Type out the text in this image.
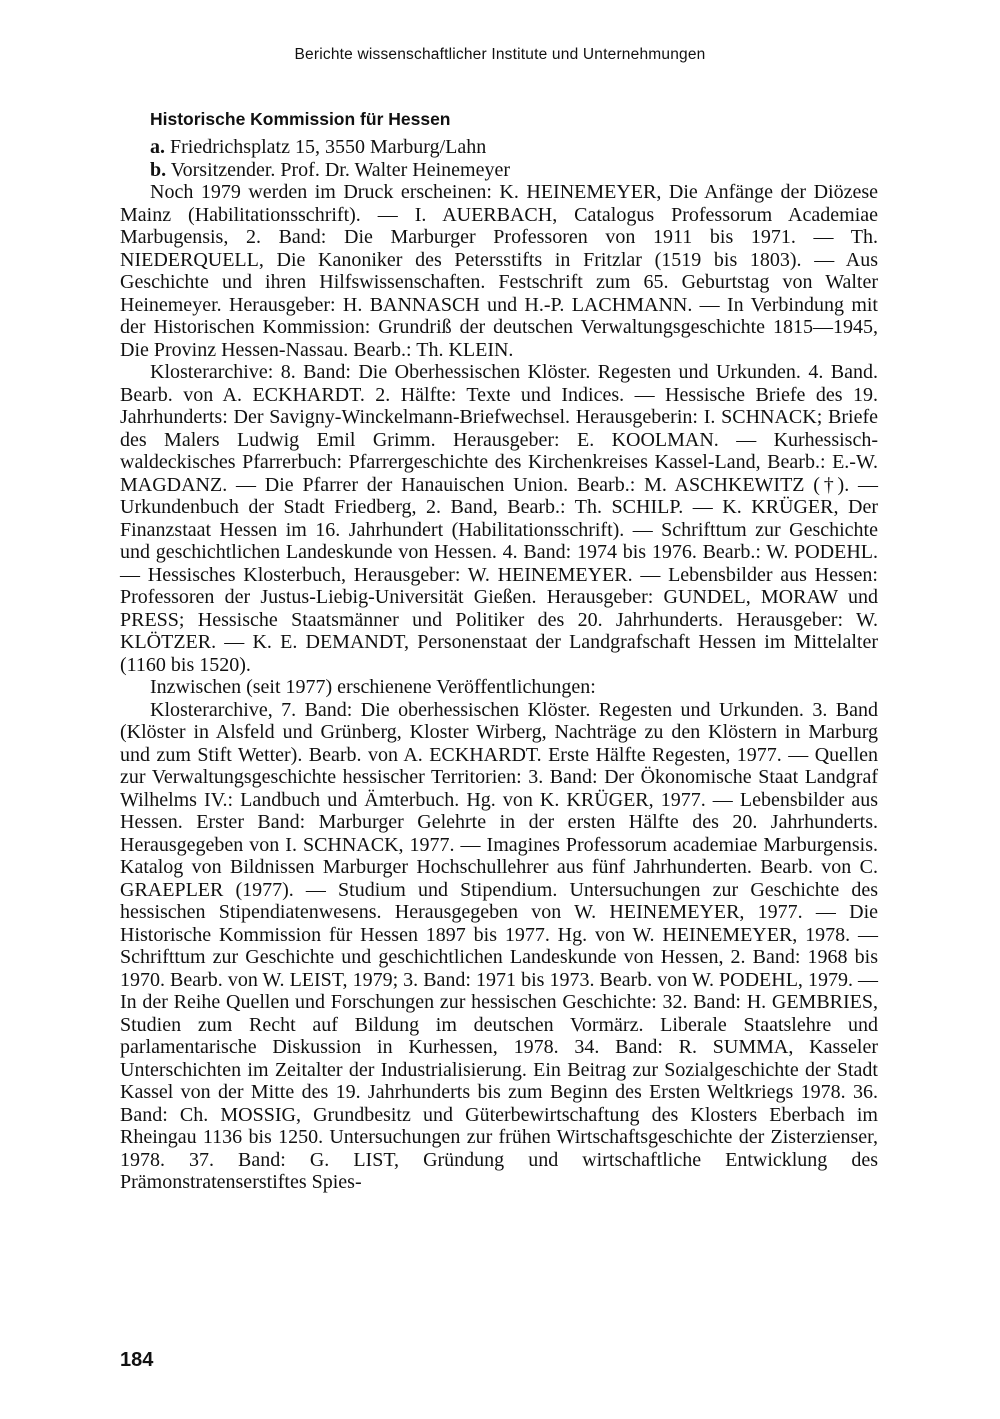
Berichte wissenschaftlicher Institute und Unternehmungen
Historische Kommission für Hessen
a. Friedrichsplatz 15, 3550 Marburg/Lahn
b. Vorsitzender. Prof. Dr. Walter Heinemeyer

Noch 1979 werden im Druck erscheinen: K. HEINEMEYER, Die Anfänge der Diözese Mainz (Habilitationsschrift). — I. AUERBACH, Catalogus Professorum Academiae Marbugensis, 2. Band: Die Marburger Professoren von 1911 bis 1971. — Th. NIEDERQUELL, Die Kanoniker des Petersstifts in Fritzlar (1519 bis 1803). — Aus Geschichte und ihren Hilfswissenschaften. Festschrift zum 65. Geburtstag von Walter Heinemeyer. Herausgeber: H. BANNASCH und H.-P. LACHMANN. — In Verbindung mit der Historischen Kommission: Grundriß der deutschen Verwaltungsgeschichte 1815—1945, Die Provinz Hessen-Nassau. Bearb.: Th. KLEIN.

Klosterarchive: 8. Band: Die Oberhessischen Klöster. Regesten und Urkunden. 4. Band. Bearb. von A. ECKHARDT. 2. Hälfte: Texte und Indices. — Hessische Briefe des 19. Jahrhunderts: Der Savigny-Winckelmann-Briefwechsel. Herausgeberin: I. SCHNACK; Briefe des Malers Ludwig Emil Grimm. Herausgeber: E. KOOLMAN. — Kurhessisch-waldeckisches Pfarrerbuch: Pfarrergeschichte des Kirchenkreises Kassel-Land, Bearb.: E.-W. MAGDANZ. — Die Pfarrer der Hanauischen Union. Bearb.: M. ASCHKEWITZ (†). — Urkundenbuch der Stadt Friedberg, 2. Band, Bearb.: Th. SCHILP. — K. KRÜGER, Der Finanzstaat Hessen im 16. Jahrhundert (Habilitationsschrift). — Schrifttum zur Geschichte und geschichtlichen Landeskunde von Hessen. 4. Band: 1974 bis 1976. Bearb.: W. PODEHL. — Hessisches Klosterbuch, Herausgeber: W. HEINEMEYER. — Lebensbilder aus Hessen: Professoren der Justus-Liebig-Universität Gießen. Herausgeber: GUNDEL, MORAW und PRESS; Hessische Staatsmänner und Politiker des 20. Jahrhunderts. Herausgeber: W. KLÖTZER. — K. E. DEMANDT, Personenstaat der Landgrafschaft Hessen im Mittelalter (1160 bis 1520).

Inzwischen (seit 1977) erschienene Veröffentlichungen:

Klosterarchive, 7. Band: Die oberhessischen Klöster. Regesten und Urkunden. 3. Band (Klöster in Alsfeld und Grünberg, Kloster Wirberg, Nachträge zu den Klöstern in Marburg und zum Stift Wetter). Bearb. von A. ECKHARDT. Erste Hälfte Regesten, 1977. — Quellen zur Verwaltungsgeschichte hessischer Territorien: 3. Band: Der Ökonomische Staat Landgraf Wilhelms IV.: Landbuch und Ämterbuch. Hg. von K. KRÜGER, 1977. — Lebensbilder aus Hessen. Erster Band: Marburger Gelehrte in der ersten Hälfte des 20. Jahrhunderts. Herausgegeben von I. SCHNACK, 1977. — Imagines Professorum academiae Marburgensis. Katalog von Bildnissen Marburger Hochschullehrer aus fünf Jahrhunderten. Bearb. von C. GRAEPLER (1977). — Studium und Stipendium. Untersuchungen zur Geschichte des hessischen Stipendiatenwesens. Herausgegeben von W. HEINEMEYER, 1977. — Die Historische Kommission für Hessen 1897 bis 1977. Hg. von W. HEINEMEYER, 1978. — Schrifttum zur Geschichte und geschichtlichen Landeskunde von Hessen, 2. Band: 1968 bis 1970. Bearb. von W. LEIST, 1979; 3. Band: 1971 bis 1973. Bearb. von W. PODEHL, 1979. — In der Reihe Quellen und Forschungen zur hessischen Geschichte: 32. Band: H. GEMBRIES, Studien zum Recht auf Bildung im deutschen Vormärz. Liberale Staatslehre und parlamentarische Diskussion in Kurhessen, 1978. 34. Band: R. SUMMA, Kasseler Unterschichten im Zeitalter der Industrialisierung. Ein Beitrag zur Sozialgeschichte der Stadt Kassel von der Mitte des 19. Jahrhunderts bis zum Beginn des Ersten Weltkriegs 1978. 36. Band: Ch. MOSSIG, Grundbesitz und Güterbewirtschaftung des Klosters Eberbach im Rheingau 1136 bis 1250. Untersuchungen zur frühen Wirtschaftsgeschichte der Zisterzienser, 1978. 37. Band: G. LIST, Gründung und wirtschaftliche Entwicklung des Prämonstratenserstiftes Spies-

184
